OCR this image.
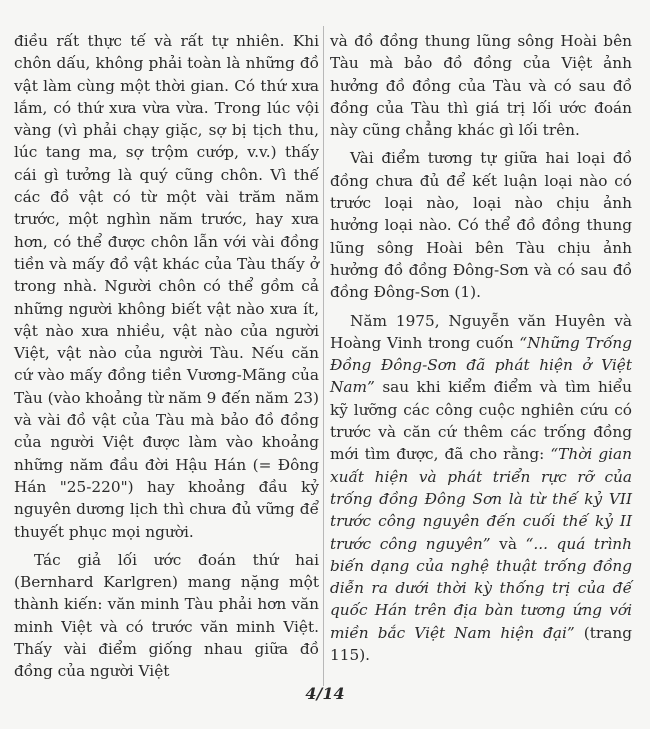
điều rất thực tế và rất tự nhiên. Khi chôn dấu, không phải toàn là những đồ vật làm cùng một thời gian. Có thứ xưa lắm, có thứ xưa vừa vừa. Trong lúc vội vàng (vì phải chạy giặc, sợ bị tịch thu, lúc tang ma, sợ trộm cướp, v.v.) thấy cái gì tưởng là quý cũng chôn. Vì thế các đồ vật có từ một vài trăm năm trước, một nghìn năm trước, hay xưa hơn, có thể được chôn lẫn với vài đồng tiền và mấy đồ vật khác của Tàu thấy ở trong nhà. Người chôn có thể gồm cả những người không biết vật nào xưa ít, vật nào xưa nhiều, vật nào của người Việt, vật nào của người Tàu. Nếu căn cứ vào mấy đồng tiền Vương-Mãng của Tàu (vào khoảng từ năm 9 đến năm 23) và vài đồ vật của Tàu mà bảo đồ đồng của người Việt được làm vào khoảng những năm đầu đời Hậu Hán (= Đông Hán "25-220") hay khoảng đầu kỷ nguyên dương lịch thì chưa đủ vững để thuyết phục mọi người.

Tác giả lối ước đoán thứ hai (Bernhard Karlgren) mang nặng một thành kiến: văn minh Tàu phải hơn văn minh Việt và có trước văn minh Việt. Thấy vài điểm giống nhau giữa đồ đồng của người Việt

và đồ đồng thung lũng sông Hoài bên Tàu mà bảo đồ đồng của Việt ảnh hưởng đồ đồng của Tàu và có sau đồ đồng của Tàu thì giá trị lối ước đoán này cũng chẳng khác gì lối trên.

Vài điểm tương tự giữa hai loại đồ đồng chưa đủ để kết luận loại nào có trước loại nào, loại nào chịu ảnh hưởng loại nào. Có thể đồ đồng thung lũng sông Hoài bên Tàu chịu ảnh hưởng đồ đồng Đông-Sơn và có sau đồ đồng Đông-Sơn (1).

Năm 1975, Nguyễn văn Huyên và Hoàng Vinh trong cuốn “Những Trống Đồng Đông-Sơn đã phát hiện ở Việt Nam” sau khi kiểm điểm và tìm hiểu kỹ lưỡng các công cuộc nghiên cứu có trước và căn cứ thêm các trống đồng mới tìm được, đã cho rằng: “Thời gian xuất hiện và phát triển rực rỡ của trống đồng Đông Sơn là từ thế kỷ VII trước công nguyên đến cuối thế kỷ II trước công nguyên” và “... quá trình biến dạng của nghệ thuật trống đồng diễn ra dưới thời kỳ thống trị của đế quốc Hán trên địa bàn tương ứng với miền bắc Việt Nam hiện đại” (trang 115).

4/14
